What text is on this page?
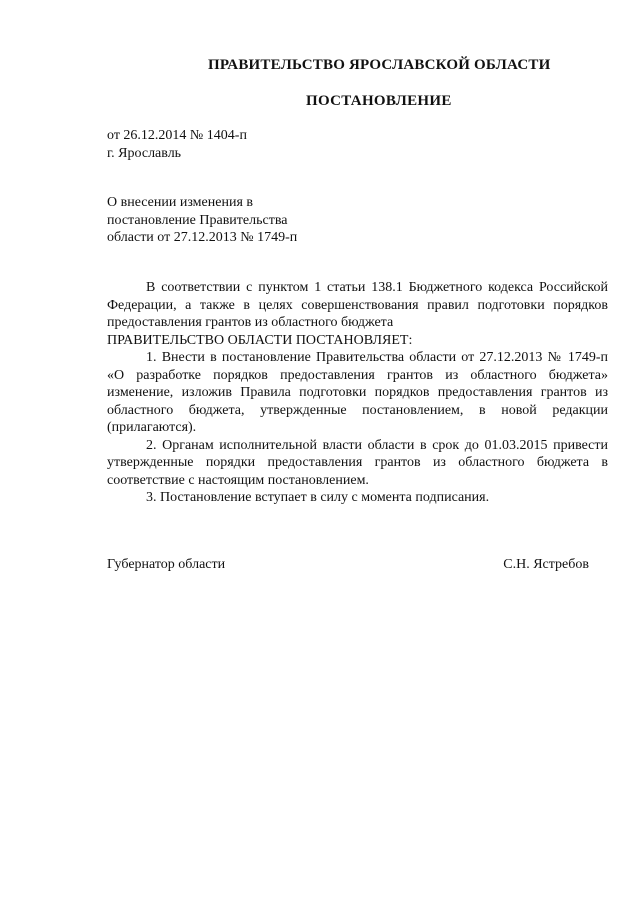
ПРАВИТЕЛЬСТВО ЯРОСЛАВСКОЙ ОБЛАСТИ
ПОСТАНОВЛЕНИЕ
от 26.12.2014 № 1404-п
г. Ярославль
О внесении изменения в
постановление Правительства
области от 27.12.2013 № 1749-п

В соответствии с пунктом 1 статьи 138.1 Бюджетного кодекса Российской Федерации, а также в целях совершенствования правил подготовки порядков предоставления грантов из областного бюджета

ПРАВИТЕЛЬСТВО ОБЛАСТИ ПОСТАНОВЛЯЕТ:

1. Внести в постановление Правительства области от 27.12.2013 № 1749-п «О разработке порядков предоставления грантов из областного бюджета» изменение, изложив Правила подготовки порядков предоставления грантов из областного бюджета, утвержденные постановлением, в новой редакции (прилагаются).

2. Органам исполнительной власти области в срок до 01.03.2015 привести утвержденные порядки предоставления грантов из областного бюджета в соответствие с настоящим постановлением.

3. Постановление вступает в силу с момента подписания.

Губернатор области	С.Н. Ястребов
